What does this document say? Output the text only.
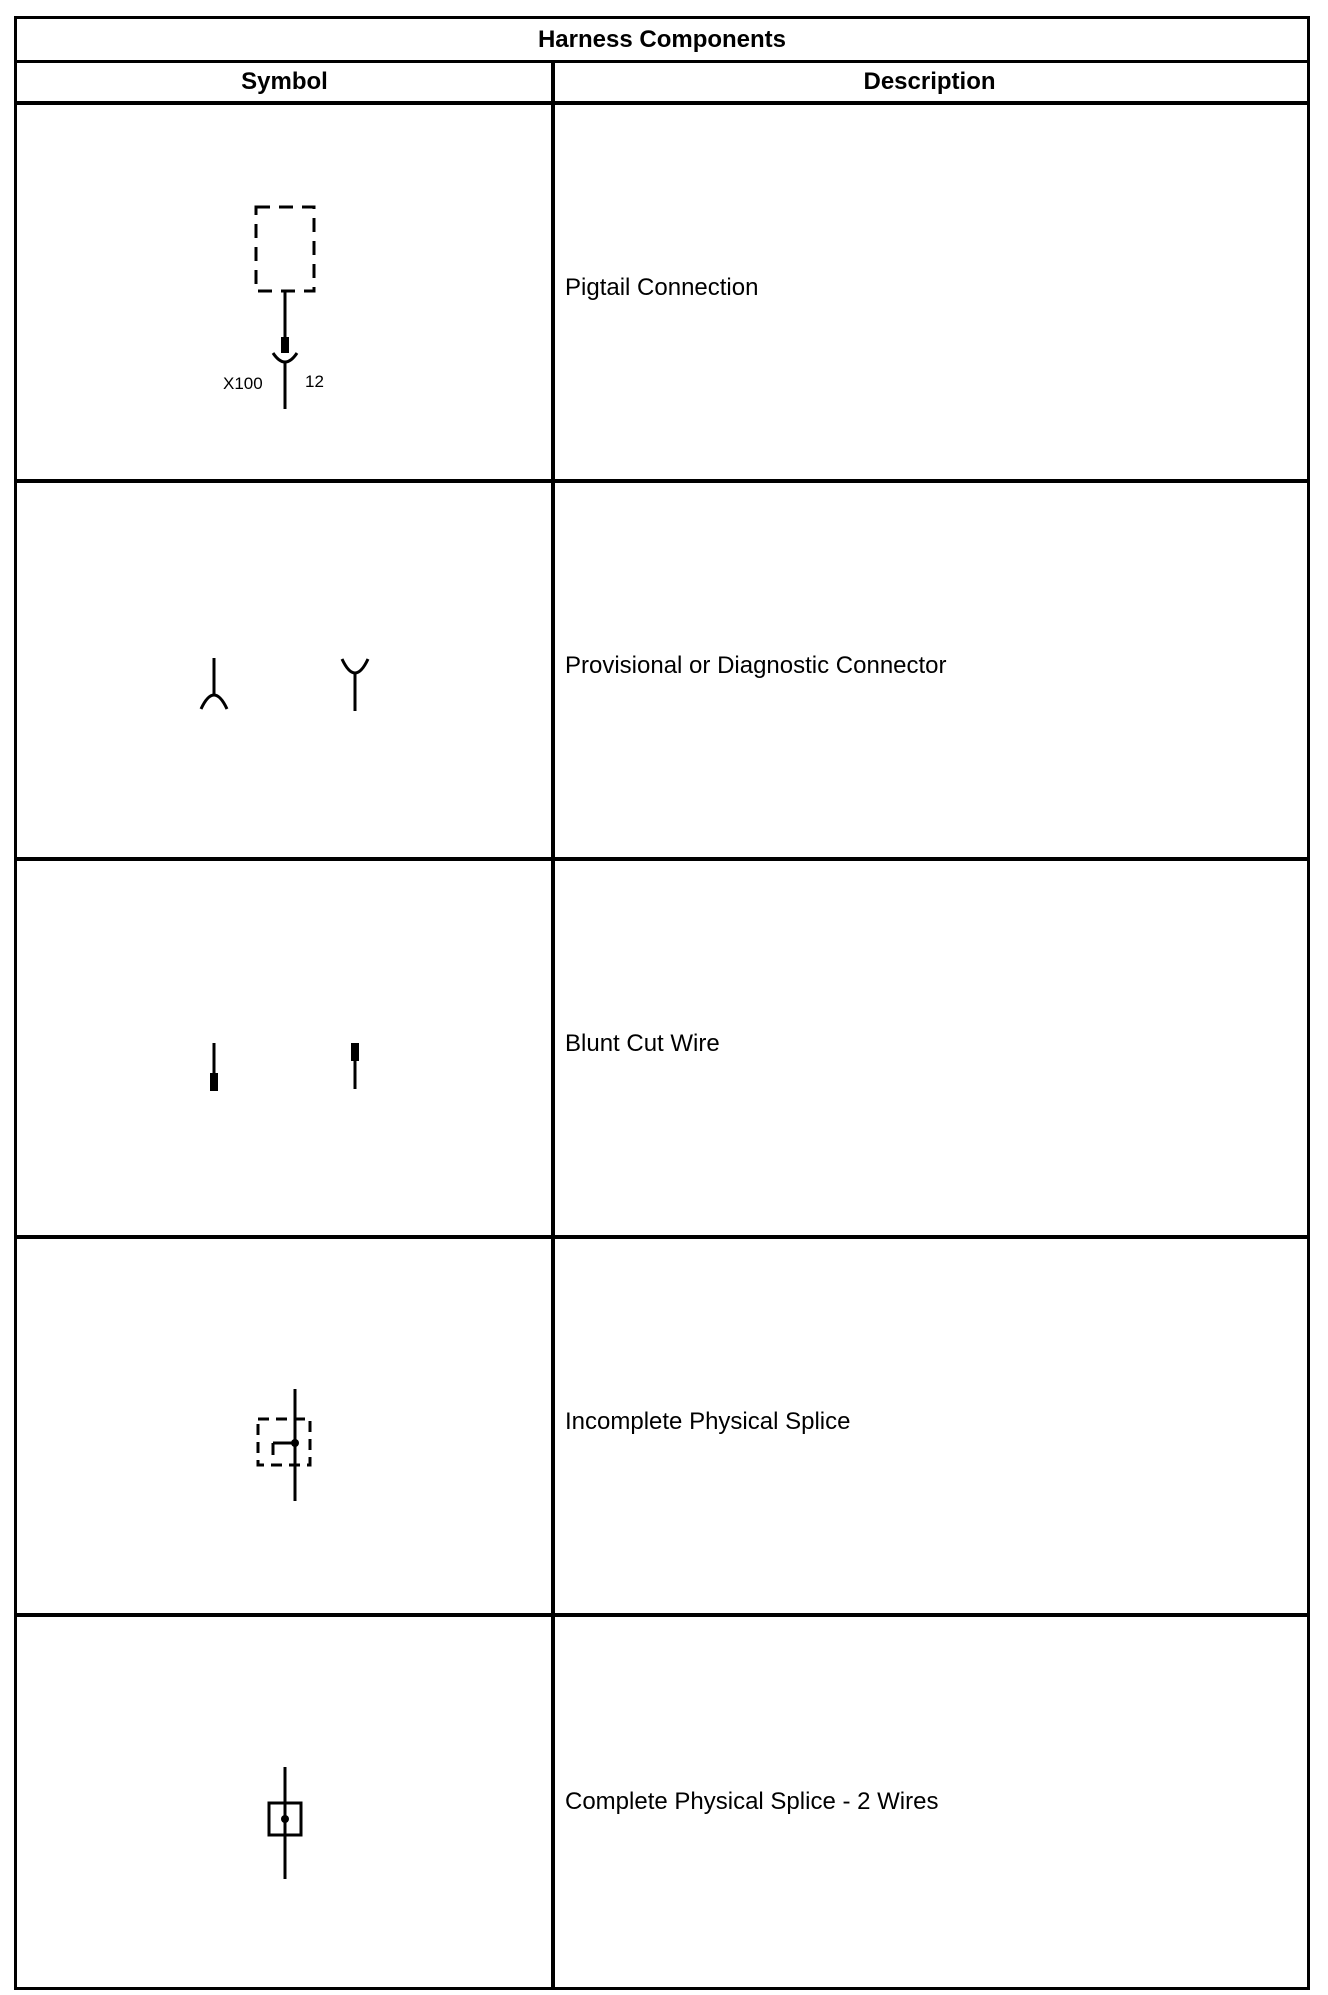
Harness Components
Symbol	Description
X100 12
Pigtail Connection
Provisional or Diagnostic Connector
Blunt Cut Wire
Incomplete Physical Splice
Complete Physical Splice - 2 Wires
